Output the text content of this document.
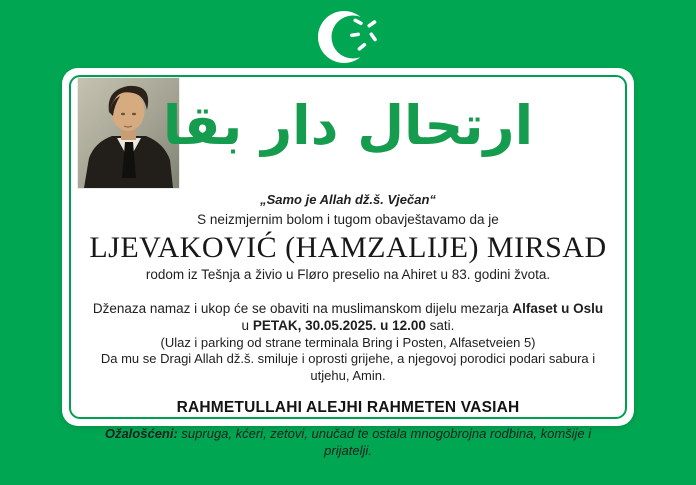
ارتحال دار بقا
„Samo je Allah dž.š. Vječan“
S neizmjernim bolom i tugom obavještavamo da je
LJEVAKOVIĆ (HAMZALIJE) MIRSAD
rodom iz Tešnja a živio u Fløro preselio na Ahiret u 83. godini žvota.
Dženaza namaz i ukop će se obaviti na muslimanskom dijelu mezarja Alfaset u Oslu
u PETAK, 30.05.2025. u 12.00 sati.
(Ulaz i parking od strane terminala Bring i Posten, Alfasetveien 5)
Da mu se Dragi Allah dž.š. smiluje i oprosti grijehe, a njegovoj porodici podari sabura i utjehu, Amin.
RAHMETULLAHI ALEJHI RAHMETEN VASIAH
Ožalošćeni: supruga, kćeri, zetovi, unučad te ostala mnogobrojna rodbina, komšije i prijatelji.
